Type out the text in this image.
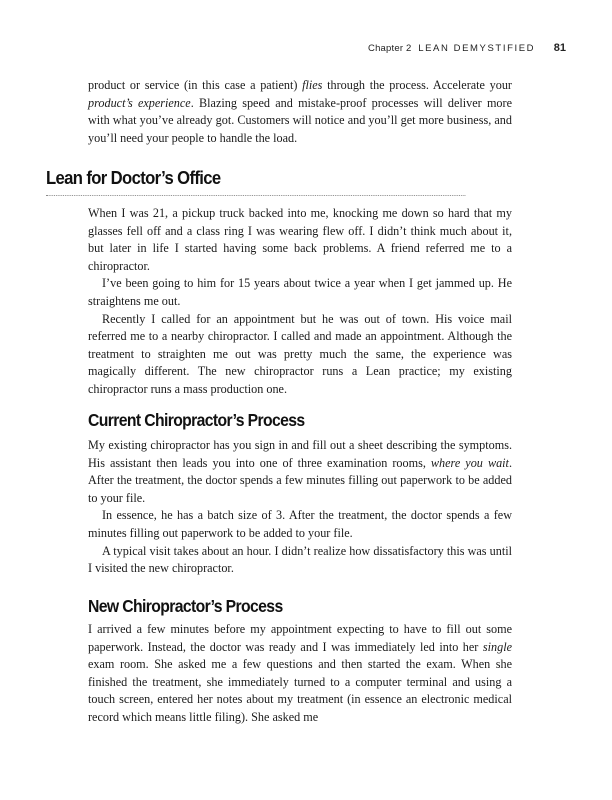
Chapter 2 LEAN DEMYSTIFIED 81

product or service (in this case a patient) flies through the process. Accelerate your product’s experience. Blazing speed and mistake-proof processes will deliver more with what you’ve already got. Customers will notice and you’ll get more business, and you’ll need your people to handle the load.

Lean for Doctor’s Office

When I was 21, a pickup truck backed into me, knocking me down so hard that my glasses fell off and a class ring I was wearing flew off. I didn’t think much about it, but later in life I started having some back problems. A friend referred me to a chiropractor.

I’ve been going to him for 15 years about twice a year when I get jammed up. He straightens me out.

Recently I called for an appointment but he was out of town. His voice mail referred me to a nearby chiropractor. I called and made an appointment. Although the treatment to straighten me out was pretty much the same, the experience was magically different. The new chiropractor runs a Lean practice; my existing chiropractor runs a mass production one.

Current Chiropractor’s Process

My existing chiropractor has you sign in and fill out a sheet describing the symptoms. His assistant then leads you into one of three examination rooms, where you wait. After the treatment, the doctor spends a few minutes filling out paperwork to be added to your file.

In essence, he has a batch size of 3. After the treatment, the doctor spends a few minutes filling out paperwork to be added to your file.

A typical visit takes about an hour. I didn’t realize how dissatisfactory this was until I visited the new chiropractor.

New Chiropractor’s Process

I arrived a few minutes before my appointment expecting to have to fill out some paperwork. Instead, the doctor was ready and I was immediately led into her single exam room. She asked me a few questions and then started the exam. When she finished the treatment, she immediately turned to a computer terminal and using a touch screen, entered her notes about my treatment (in essence an electronic medical record which means little filing). She asked me
